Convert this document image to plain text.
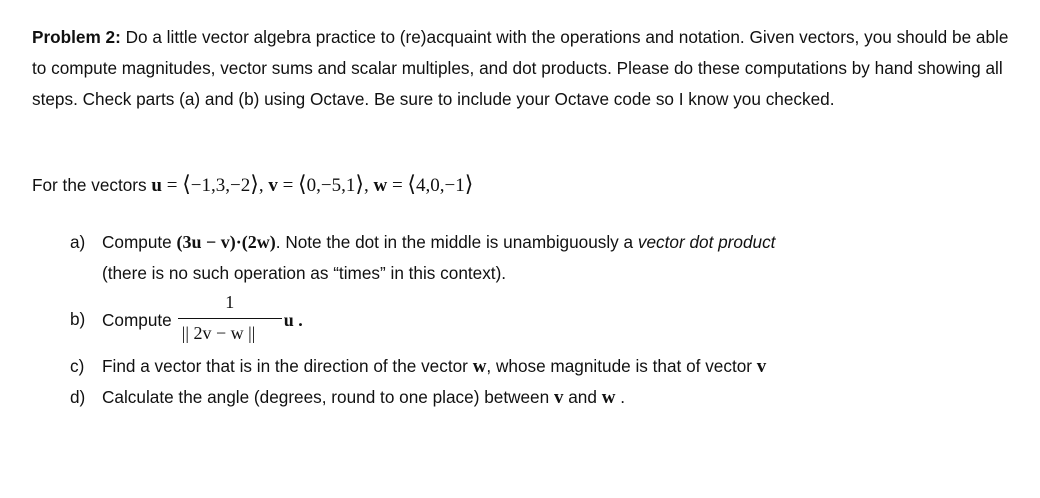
Problem 2: Do a little vector algebra practice to (re)acquaint with the operations and notation. Given vectors, you should be able to compute magnitudes, vector sums and scalar multiples, and dot products. Please do these computations by hand showing all steps. Check parts (a) and (b) using Octave. Be sure to include your Octave code so I know you checked.

For the vectors u = ⟨−1,3,−2⟩, v = ⟨0,−5,1⟩, w = ⟨4,0,−1⟩
a) Compute (3u − v)·(2w). Note the dot in the middle is unambiguously a vector dot product
(there is no such operation as “times” in this context).
b) Compute $\frac{1}{|| 2v - w ||}$ u .
c) Find a vector that is in the direction of the vector w, whose magnitude is that of vector v
d) Calculate the angle (degrees, round to one place) between v and w .
